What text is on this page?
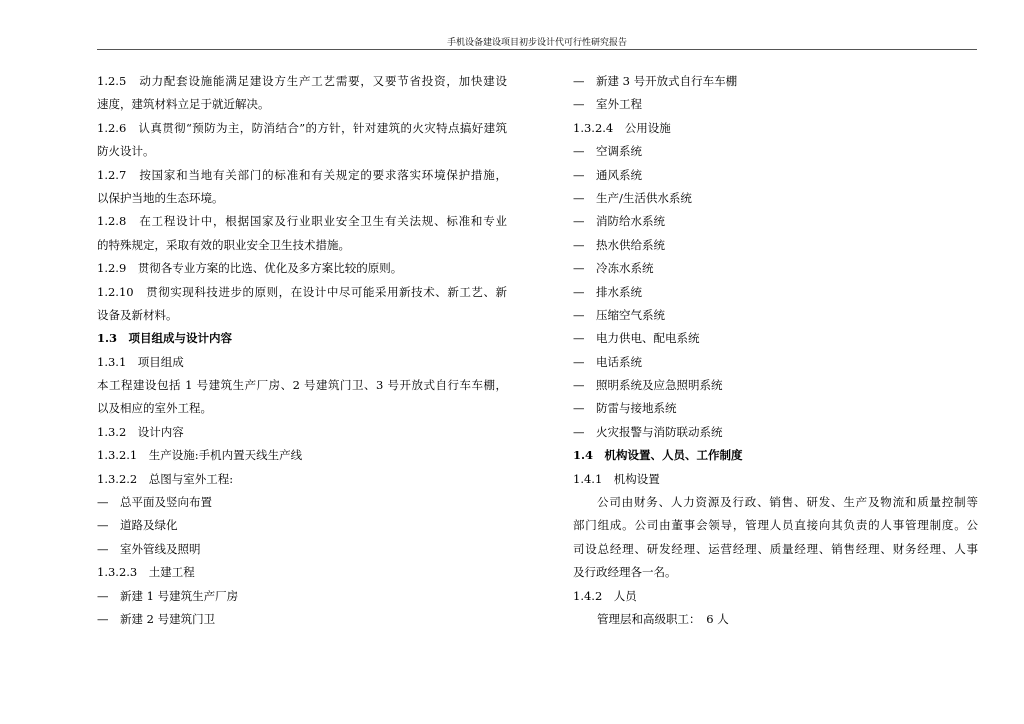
手机设备建设项目初步设计代可行性研究报告
1.2.5　动力配套设施能满足建设方生产工艺需要，又要节省投资，加快建设
速度，建筑材料立足于就近解决。
1.2.6　认真贯彻“预防为主，防消结合”的方针，针对建筑的火灾特点搞好建筑
防火设计。
1.2.7　按国家和当地有关部门的标准和有关规定的要求落实环境保护措施，
以保护当地的生态环境。
1.2.8　在工程设计中，根据国家及行业职业安全卫生有关法规、标准和专业
的特殊规定，采取有效的职业安全卫生技术措施。
1.2.9　贯彻各专业方案的比选、优化及多方案比较的原则。
1.2.10　贯彻实现科技进步的原则，在设计中尽可能采用新技术、新工艺、新
设备及新材料。
1.3　项目组成与设计内容
1.3.1　项目组成
本工程建设包括 1 号建筑生产厂房、2 号建筑门卫、3 号开放式自行车车棚，
以及相应的室外工程。
1.3.2　设计内容
1.3.2.1　生产设施:手机内置天线生产线
1.3.2.2　总图与室外工程:
—　总平面及竖向布置
—　道路及绿化
—　室外管线及照明
1.3.2.3　土建工程
—　新建 1 号建筑生产厂房
—　新建 2 号建筑门卫
—　新建 3 号开放式自行车车棚
—　室外工程
1.3.2.4　公用设施
—　空调系统
—　通风系统
—　生产/生活供水系统
—　消防给水系统
—　热水供给系统
—　冷冻水系统
—　排水系统
—　压缩空气系统
—　电力供电、配电系统
—　电话系统
—　照明系统及应急照明系统
—　防雷与接地系统
—　火灾报警与消防联动系统
1.4　机构设置、人员、工作制度
1.4.1　机构设置
公司由财务、人力资源及行政、销售、研发、生产及物流和质量控制等
部门组成。公司由董事会领导，管理人员直接向其负责的人事管理制度。公
司设总经理、研发经理、运营经理、质量经理、销售经理、财务经理、人事
及行政经理各一名。
1.4.2　人员
管理层和高级职工：　6 人
